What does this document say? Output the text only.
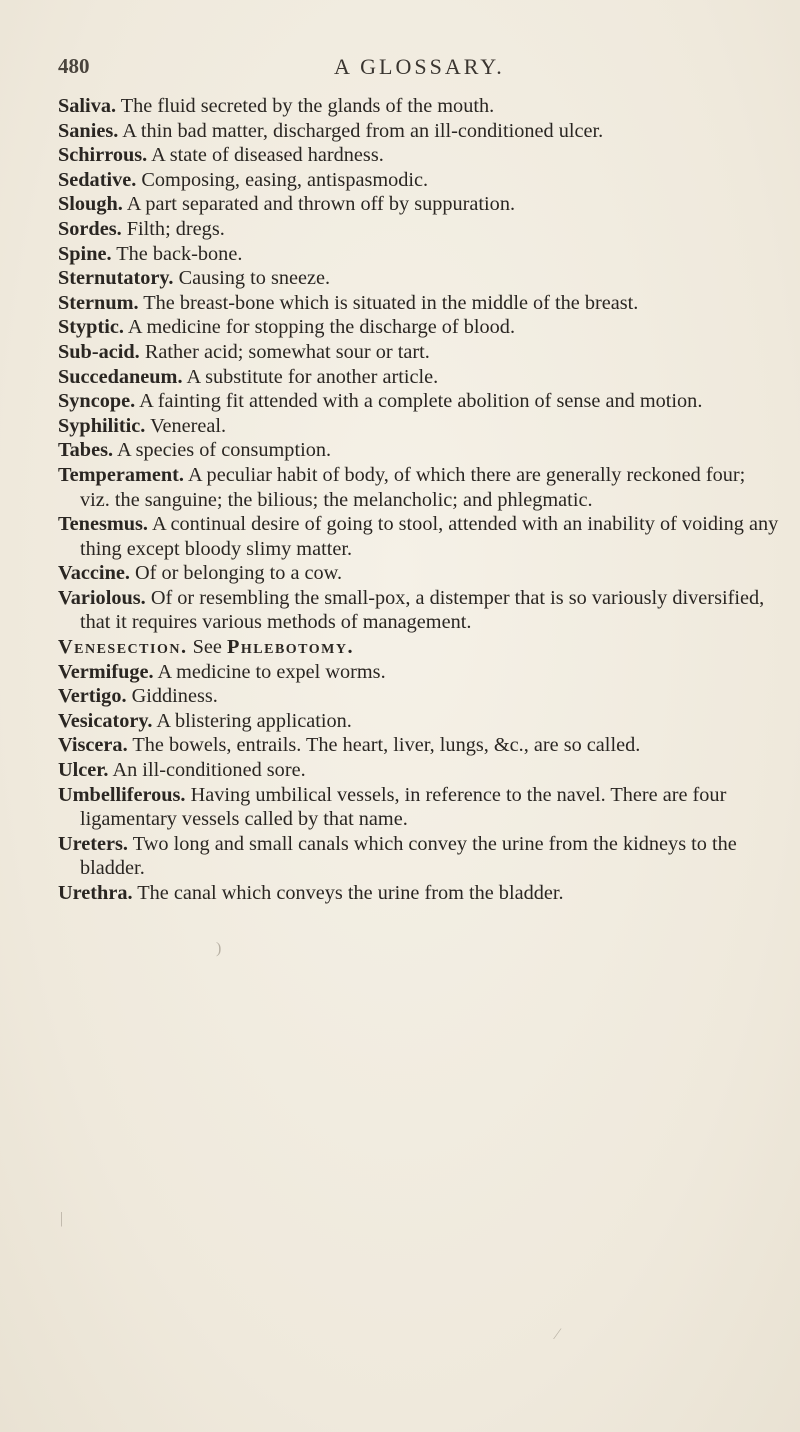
480	A GLOSSARY.
Saliva. The fluid secreted by the glands of the mouth.
Sanies. A thin bad matter, discharged from an ill-conditioned ulcer.
Schirrous. A state of diseased hardness.
Sedative. Composing, easing, antispasmodic.
Slough. A part separated and thrown off by suppuration.
Sordes. Filth; dregs.
Spine. The back-bone.
Sternutatory. Causing to sneeze.
Sternum. The breast-bone which is situated in the middle of the breast.
Styptic. A medicine for stopping the discharge of blood.
Sub-acid. Rather acid; somewhat sour or tart.
Succedaneum. A substitute for another article.
Syncope. A fainting fit attended with a complete abolition of sense and motion.
Syphilitic. Venereal.
Tabes. A species of consumption.
Temperament. A peculiar habit of body, of which there are generally reckoned four; viz. the sanguine; the bilious; the melancholic; and phlegmatic.
Tenesmus. A continual desire of going to stool, attended with an inability of voiding any thing except bloody slimy matter.
Vaccine. Of or belonging to a cow.
Variolous. Of or resembling the small-pox, a distemper that is so variously diversified, that it requires various methods of management.
Venesection. See Phlebotomy.
Vermifuge. A medicine to expel worms.
Vertigo. Giddiness.
Vesicatory. A blistering application.
Viscera. The bowels, entrails. The heart, liver, lungs, &c., are so called.
Ulcer. An ill-conditioned sore.
Umbelliferous. Having umbilical vessels, in reference to the navel. There are four ligamentary vessels called by that name.
Ureters. Two long and small canals which convey the urine from the kidneys to the bladder.
Urethra. The canal which conveys the urine from the bladder.
)
|
⁄
